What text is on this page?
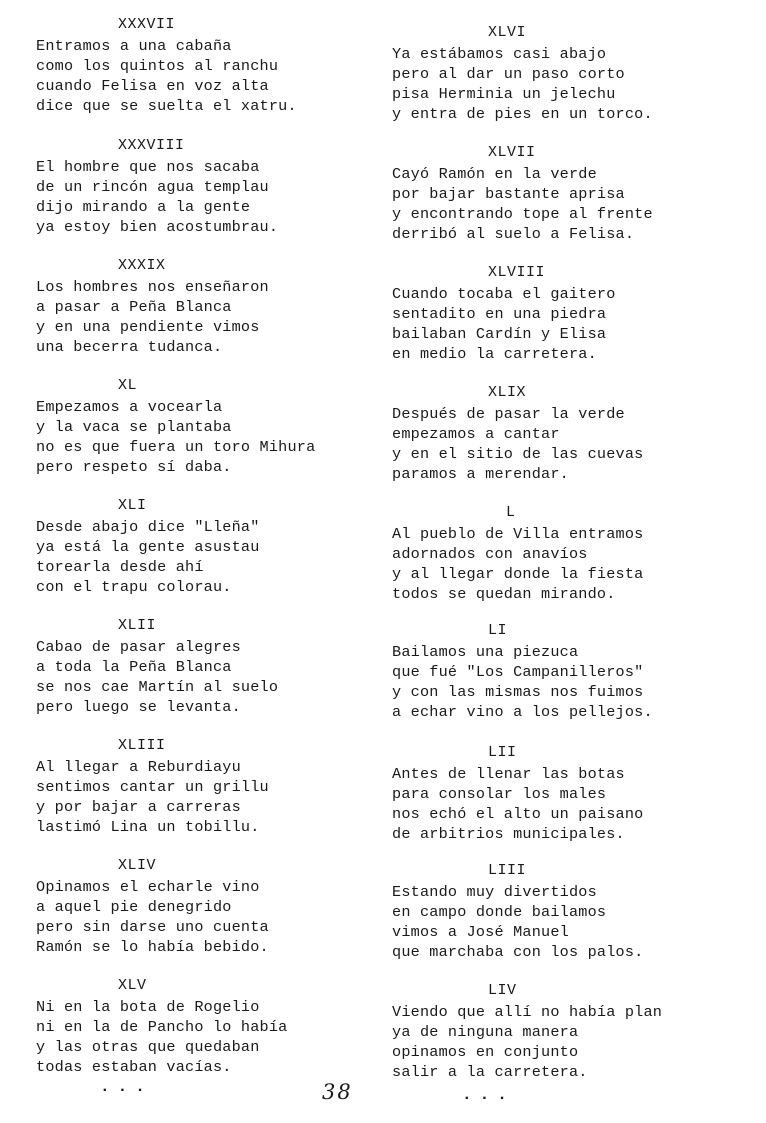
XXXVII
Entramos a una cabaña
como los quintos al ranchu
cuando Felisa en voz alta
dice que se suelta el xatru.
XXXVIII
El hombre que nos sacaba
de un rincón agua templau
dijo mirando a la gente
ya estoy bien acostumbrau.
XXXIX
Los hombres nos enseñaron
a pasar a Peña Blanca
y en una pendiente vimos
una becerra tudanca.
XL
Empezamos a vocearla
y la vaca se plantaba
no es que fuera un toro Mihura
pero respeto sí daba.
XLI
Desde abajo dice "Lleña"
ya está la gente asustau
torearla desde ahí
con el trapu colorau.
XLII
Cabao de pasar alegres
a toda la Peña Blanca
se nos cae Martín al suelo
pero luego se levanta.
XLIII
Al llegar a Reburdiayu
sentimos cantar un grillu
y por bajar a carreras
lastimó Lina un tobillu.
XLIV
Opinamos el echarle vino
a aquel pie denegrido
pero sin darse uno cuenta
Ramón se lo había bebido.
XLV
Ni en la bota de Rogelio
ni en la de Pancho lo había
y las otras que quedaban
todas estaban vacías.
XLVI
Ya estábamos casi abajo
pero al dar un paso corto
pisa Herminia un jelechu
y entra de pies en un torco.
XLVII
Cayó Ramón en la verde
por bajar bastante aprisa
y encontrando tope al frente
derribó al suelo a Felisa.
XLVIII
Cuando tocaba el gaitero
sentadito en una piedra
bailaban Cardín y Elisa
en medio la carretera.
XLIX
Después de pasar la verde
empezamos a cantar
y en el sitio de las cuevas
paramos a merendar.
L
Al pueblo de Villa entramos
adornados con anavíos
y al llegar donde la fiesta
todos se quedan mirando.
LI
Bailamos una piezuca
que fué "Los Campanilleros"
y con las mismas nos fuimos
a echar vino a los pellejos.
LII
Antes de llenar las botas
para consolar los males
nos echó el alto un paisano
de arbitrios municipales.
LIII
Estando muy divertidos
en campo donde bailamos
vimos a José Manuel
que marchaba con los palos.
LIV
Viendo que allí no había plan
ya de ninguna manera
opinamos en conjunto
salir a la carretera.
...	...
38
